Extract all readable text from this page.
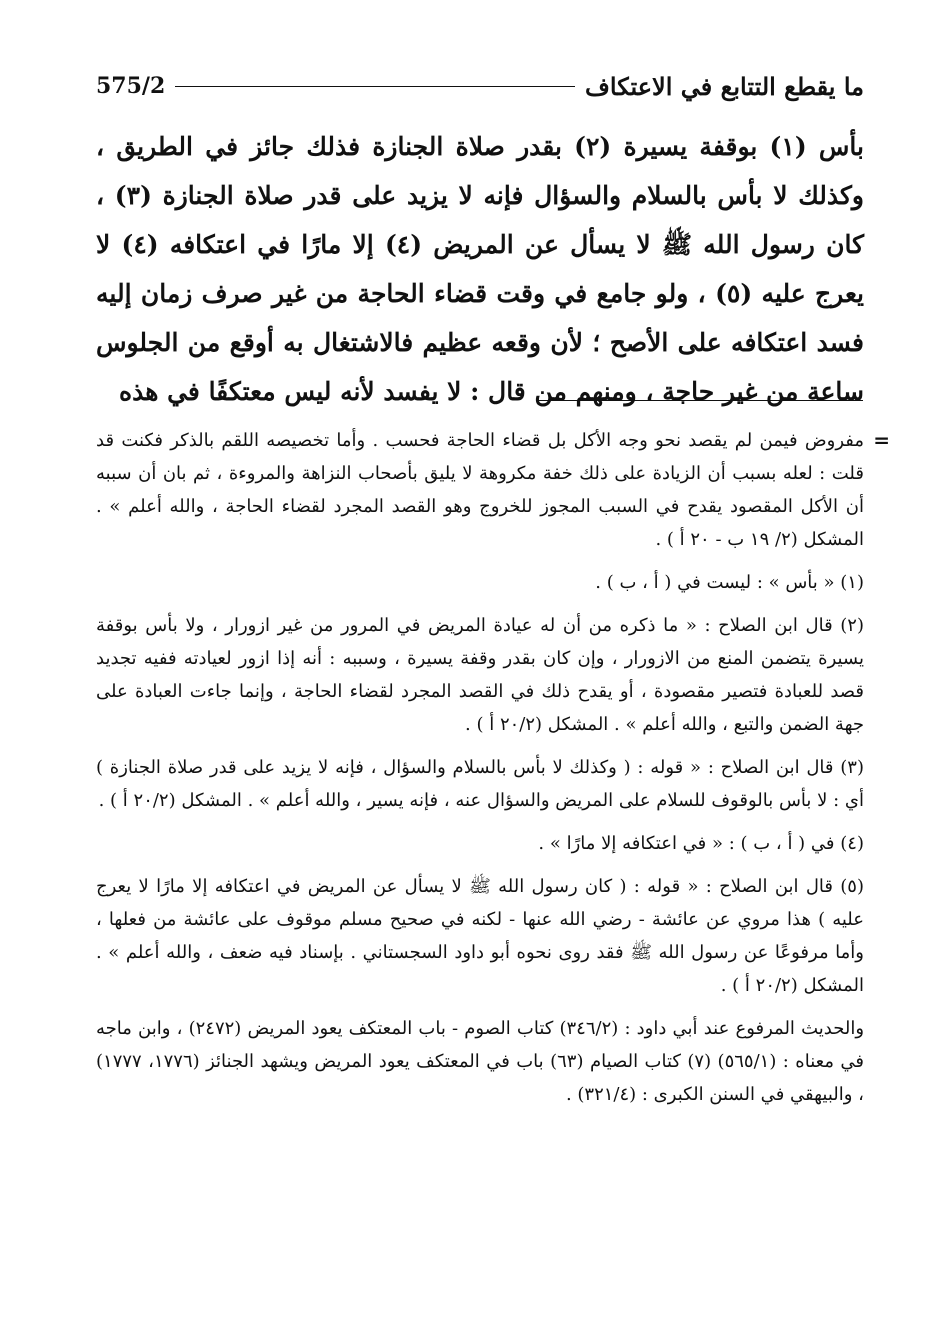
ما يقطع التتابع في الاعتكاف
575/2
بأس (١) بوقفة يسيرة (٢) بقدر صلاة الجنازة فذلك جائز في الطريق ، وكذلك لا بأس بالسلام والسؤال فإنه لا يزيد على قدر صلاة الجنازة (٣) ، كان رسول الله ﷺ لا يسأل عن المريض (٤) إلا مارًا في اعتكافه (٤) لا يعرج عليه (٥) ، ولو جامع في وقت قضاء الحاجة من غير صرف زمان إليه فسد اعتكافه على الأصح ؛ لأن وقعه عظيم فالاشتغال به أوقع من الجلوس ساعة من غير حاجة ، ومنهم من قال : لا يفسد لأنه ليس معتكفًا في هذه

=
مفروض فيمن لم يقصد نحو وجه الأكل بل قضاء الحاجة فحسب . وأما تخصيصه اللقم بالذكر فكنت قد قلت : لعله بسبب أن الزيادة على ذلك خفة مكروهة لا يليق بأصحاب النزاهة والمروءة ، ثم بان أن سببه أن الأكل المقصود يقدح في السبب المجوز للخروج وهو القصد المجرد لقضاء الحاجة ، والله أعلم » . المشكل (٢/ ١٩ ب - ٢٠ أ ) .

(١) « بأس » : ليست في ( أ ، ب ) .

(٢) قال ابن الصلاح : « ما ذكره من أن له عيادة المريض في المرور من غير ازورار ، ولا بأس بوقفة يسيرة يتضمن المنع من الازورار ، وإن كان بقدر وقفة يسيرة ، وسببه : أنه إذا ازور لعيادته ففيه تجديد قصد للعبادة فتصير مقصودة ، أو يقدح ذلك في القصد المجرد لقضاء الحاجة ، وإنما جاءت العبادة على جهة الضمن والتبع ، والله أعلم » . المشكل (٢٠/٢ أ ) .

(٣) قال ابن الصلاح : « قوله : ( وكذلك لا بأس بالسلام والسؤال ، فإنه لا يزيد على قدر صلاة الجنازة ) أي : لا بأس بالوقوف للسلام على المريض والسؤال عنه ، فإنه يسير ، والله أعلم » . المشكل (٢٠/٢ أ ) .

(٤) في ( أ ، ب ) : « في اعتكافه إلا مارًا » .

(٥) قال ابن الصلاح : « قوله : ( كان رسول الله ﷺ لا يسأل عن المريض في اعتكافه إلا مارًا لا يعرج عليه ) هذا مروي عن عائشة - رضي الله عنها - لكنه في صحيح مسلم موقوف على عائشة من فعلها ، وأما مرفوعًا عن رسول الله ﷺ فقد روى نحوه أبو داود السجستاني . بإسناد فيه ضعف ، والله أعلم » . المشكل (٢٠/٢ أ ) .

والحديث المرفوع عند أبي داود : (٣٤٦/٢) كتاب الصوم - باب المعتكف يعود المريض (٢٤٧٢) ، وابن ماجه في معناه : (٥٦٥/١) (٧) كتاب الصيام (٦٣) باب في المعتكف يعود المريض ويشهد الجنائز (١٧٧٦، ١٧٧٧) ، والبيهقي في السنن الكبرى : (٣٢١/٤) .
